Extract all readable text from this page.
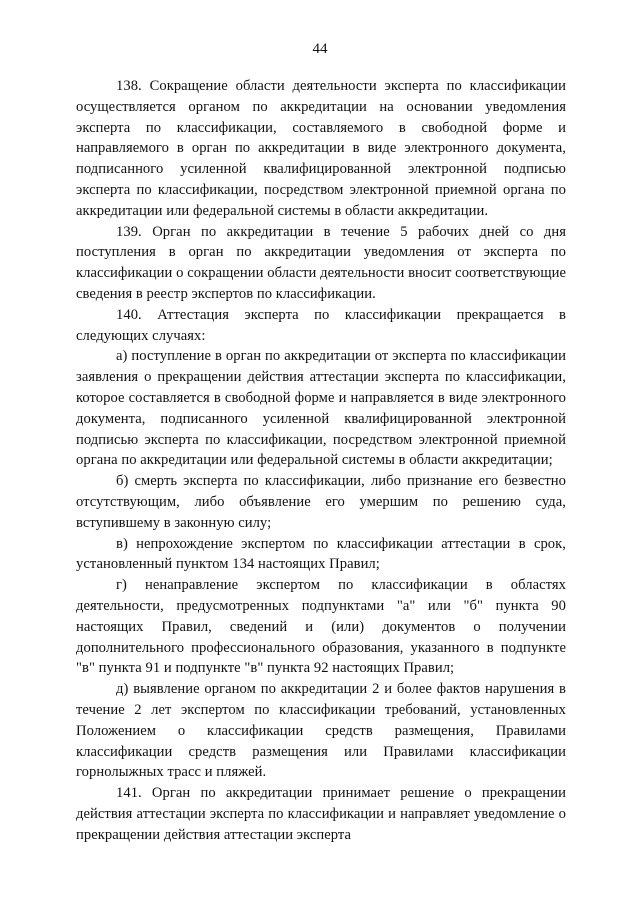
44

138. Сокращение области деятельности эксперта по классификации осуществляется органом по аккредитации на основании уведомления эксперта по классификации, составляемого в свободной форме и направляемого в орган по аккредитации в виде электронного документа, подписанного усиленной квалифицированной электронной подписью эксперта по классификации, посредством электронной приемной органа по аккредитации или федеральной системы в области аккредитации.

139. Орган по аккредитации в течение 5 рабочих дней со дня поступления в орган по аккредитации уведомления от эксперта по классификации о сокращении области деятельности вносит соответствующие сведения в реестр экспертов по классификации.

140. Аттестация эксперта по классификации прекращается в следующих случаях:

а) поступление в орган по аккредитации от эксперта по классификации заявления о прекращении действия аттестации эксперта по классификации, которое составляется в свободной форме и направляется в виде электронного документа, подписанного усиленной квалифицированной электронной подписью эксперта по классификации, посредством электронной приемной органа по аккредитации или федеральной системы в области аккредитации;

б) смерть эксперта по классификации, либо признание его безвестно отсутствующим, либо объявление его умершим по решению суда, вступившему в законную силу;

в) непрохождение экспертом по классификации аттестации в срок, установленный пунктом 134 настоящих Правил;

г) ненаправление экспертом по классификации в областях деятельности, предусмотренных подпунктами "а" или "б" пункта 90 настоящих Правил, сведений и (или) документов о получении дополнительного профессионального образования, указанного в подпункте "в" пункта 91 и подпункте "в" пункта 92 настоящих Правил;

д) выявление органом по аккредитации 2 и более фактов нарушения в течение 2 лет экспертом по классификации требований, установленных Положением о классификации средств размещения, Правилами классификации средств размещения или Правилами классификации горнолыжных трасс и пляжей.

141. Орган по аккредитации принимает решение о прекращении действия аттестации эксперта по классификации и направляет уведомление о прекращении действия аттестации эксперта
